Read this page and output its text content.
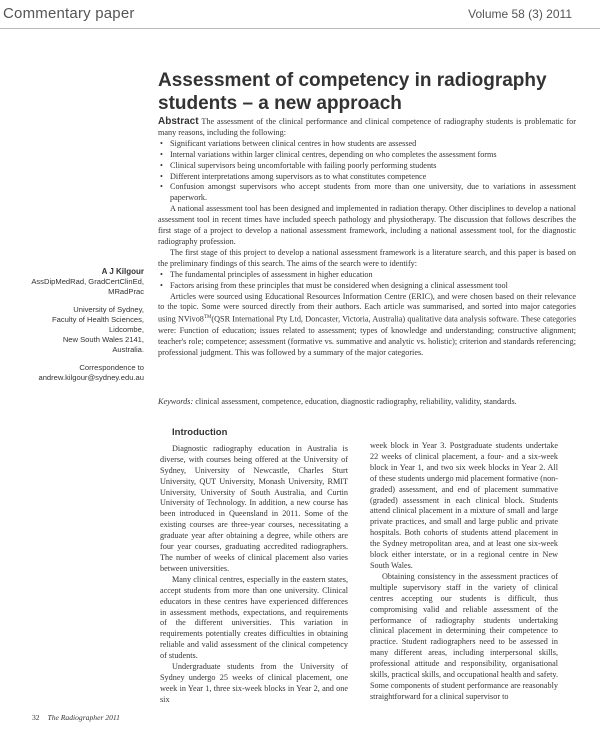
Commentary paper	Volume 58 (3) 2011
Assessment of competency in radiography students – a new approach

Abstract The assessment of the clinical performance and clinical competence of radiography students is problematic for many reasons, including the following:

• Significant variations between clinical centres in how students are assessed
• Internal variations within larger clinical centres, depending on who completes the assessment forms
• Clinical supervisors being uncomfortable with failing poorly performing students
• Different interpretations among supervisors as to what constitutes competence
• Confusion amongst supervisors who accept students from more than one university, due to variations in assessment paperwork.

A national assessment tool has been designed and implemented in radiation therapy. Other disciplines to develop a national assessment tool in recent times have included speech pathology and physiotherapy. The discussion that follows describes the first stage of a project to develop a national assessment framework, including a national assessment tool, for the diagnostic radiography profession.

The first stage of this project to develop a national assessment framework is a literature search, and this paper is based on the preliminary findings of this search. The aims of the search were to identify:

• The fundamental principles of assessment in higher education
• Factors arising from these principles that must be considered when designing a clinical assessment tool

Articles were sourced using Educational Resources Information Centre (ERIC), and were chosen based on their relevance to the topic. Some were sourced directly from their authors. Each article was summarised, and sorted into major categories using NVivo8™(QSR International Pty Ltd, Doncaster, Victoria, Australia) qualitative data analysis software. These categories were: Function of education; issues related to assessment; types of knowledge and understanding; constructive alignment; teacher's role; competence; assessment (formative vs. summative and analytic vs. holistic); criterion and standards referencing; professional judgment. This was followed by a summary of the major categories.

Keywords: clinical assessment, competence, education, diagnostic radiography, reliability, validity, standards.
A J Kilgour
AssDipMedRad, GradCertClinEd, MRadPrac
University of Sydney,
Faculty of Health Sciences,
Lidcombe,
New South Wales 2141,
Australia.
Correspondence to
andrew.kilgour@sydney.edu.au
Introduction

Diagnostic radiography education in Australia is diverse, with courses being offered at the University of Sydney, University of Newcastle, Charles Sturt University, QUT University, Monash University, RMIT University, University of South Australia, and Curtin University of Technology. In addition, a new course has been introduced in Queensland in 2011. Some of the existing courses are three-year courses, necessitating a graduate year after obtaining a degree, while others are four year courses, graduating accredited radiographers. The number of weeks of clinical placement also varies between universities.

Many clinical centres, especially in the eastern states, accept students from more than one university. Clinical educators in these centres have experienced differences in assessment methods, expectations, and requirements of the different universities. This variation in requirements potentially creates difficulties in obtaining reliable and valid assessment of the clinical competency of students.

Undergraduate students from the University of Sydney undergo 25 weeks of clinical placement, one week in Year 1, three six-week blocks in Year 2, and one six

week block in Year 3. Postgraduate students undertake 22 weeks of clinical placement, a four- and a six-week block in Year 1, and two six week blocks in Year 2. All of these students undergo mid placement formative (non-graded) assessment, and end of placement summative (graded) assessment in each clinical block. Students attend clinical placement in a mixture of small and large private practices, and small and large public and private hospitals. Both cohorts of students attend placement in the Sydney metropolitan area, and at least one six-week block either interstate, or in a regional centre in New South Wales.

Obtaining consistency in the assessment practices of multiple supervisory staff in the variety of clinical centres accepting our students is difficult, thus compromising valid and reliable assessment of the performance of radiography students undertaking clinical placement in determining their competence to practice. Student radiographers need to be assessed in many different areas, including interpersonal skills, professional attitude and responsibility, organisational skills, practical skills, and occupational health and safety. Some components of student performance are reasonably straightforward for a clinical supervisor to

32 The Radiographer 2011
